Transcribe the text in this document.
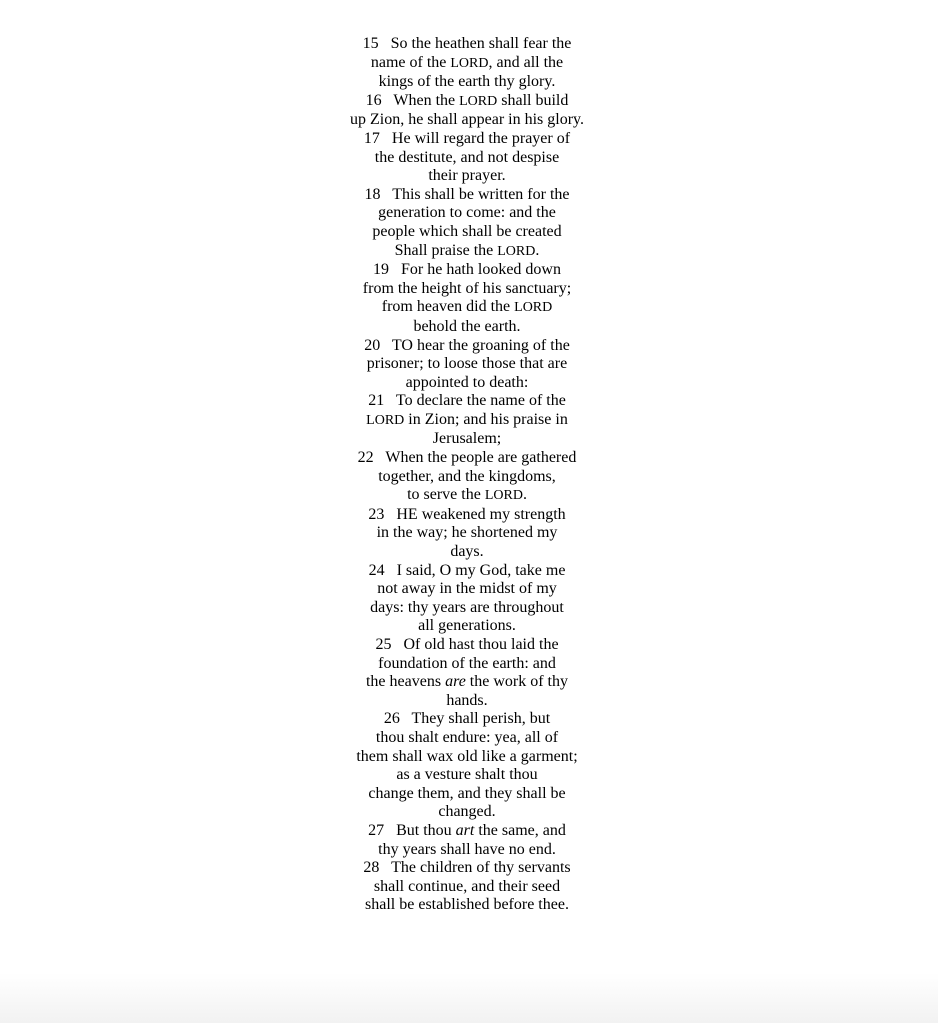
15 So the heathen shall fear the
name of the LORD, and all the
kings of the earth thy glory.
16 When the LORD shall build
up Zion, he shall appear in his glory.
17 He will regard the prayer of
the destitute, and not despise
their prayer.
18 This shall be written for the
generation to come: and the
people which shall be created
Shall praise the LORD.
19 For he hath looked down
from the height of his sanctuary;
from heaven did the LORD
behold the earth.
20 TO hear the groaning of the
prisoner; to loose those that are
appointed to death:
21 To declare the name of the
LORD in Zion; and his praise in
Jerusalem;
22 When the people are gathered
together, and the kingdoms,
to serve the LORD.
23 HE weakened my strength
in the way; he shortened my
days.
24 I said, O my God, take me
not away in the midst of my
days: thy years are throughout
all generations.
25 Of old hast thou laid the
foundation of the earth: and
the heavens are the work of thy
hands.
26 They shall perish, but
thou shalt endure: yea, all of
them shall wax old like a garment;
as a vesture shalt thou
change them, and they shall be
changed.
27 But thou art the same, and
thy years shall have no end.
28 The children of thy servants
shall continue, and their seed
shall be established before thee.
